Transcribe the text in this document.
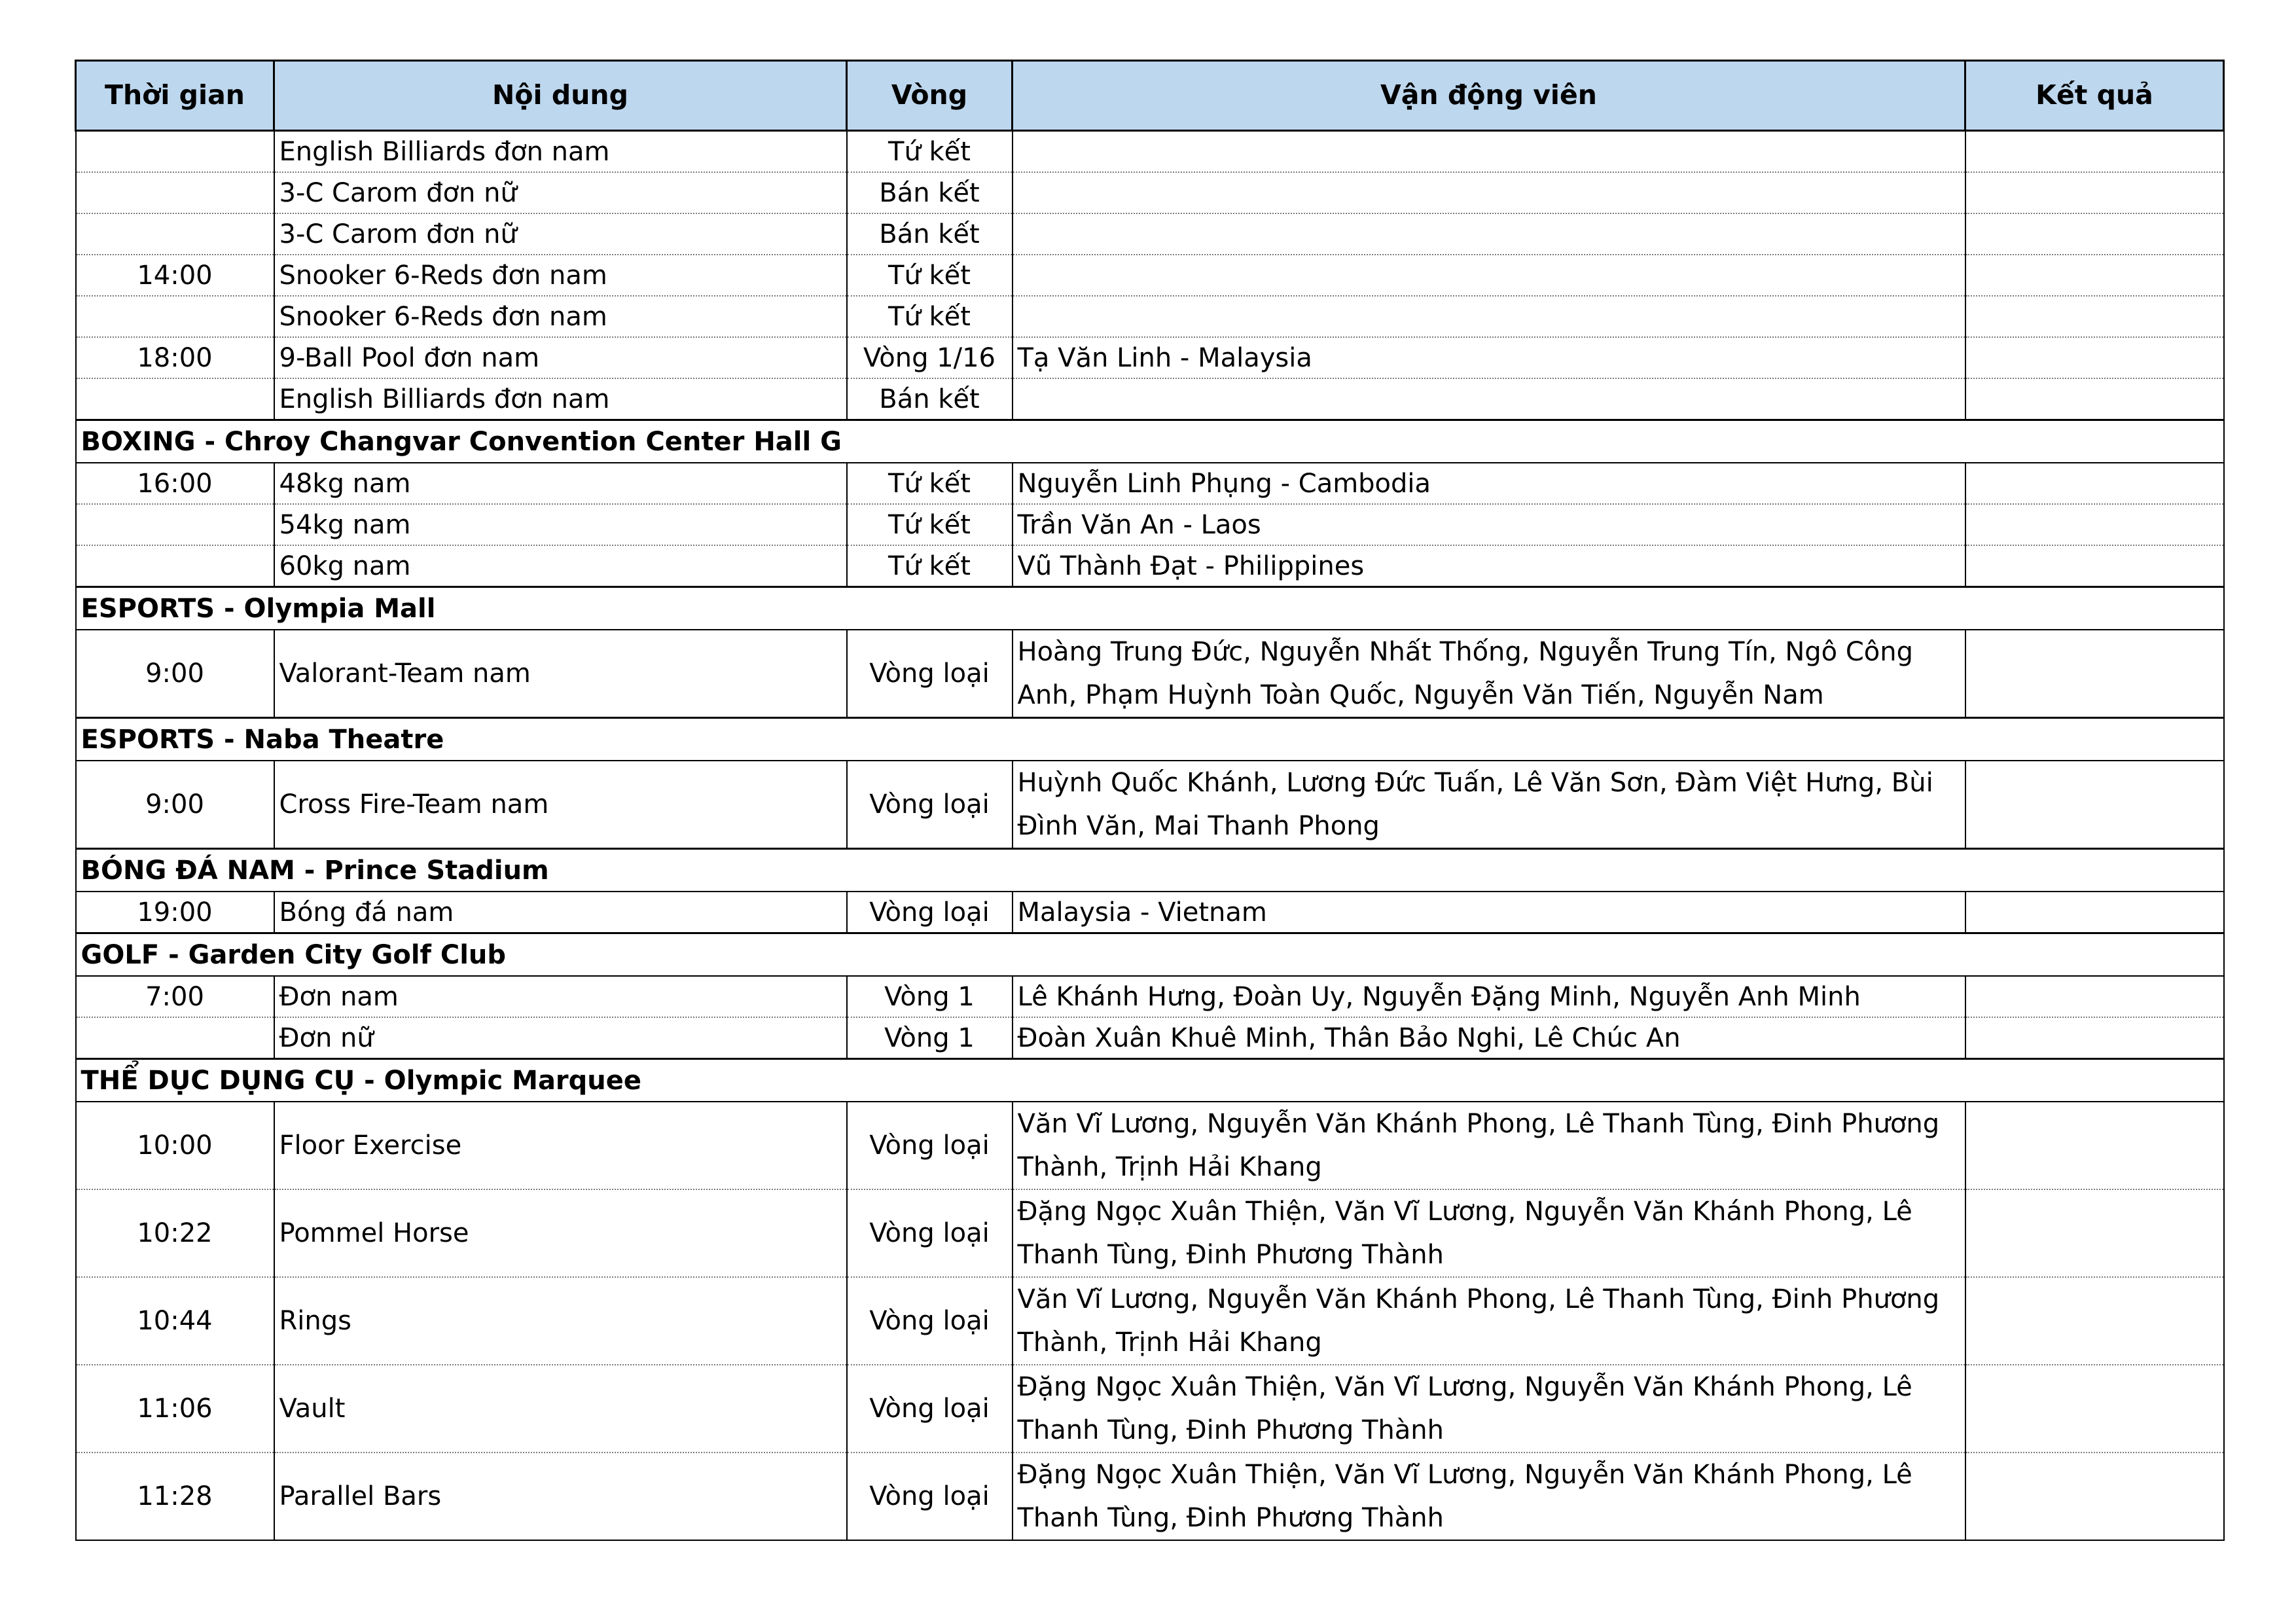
Thời gian	Nội dung	Vòng	Vận động viên	Kết quả
	English Billiards đơn nam	Tứ kết		
	3-C Carom đơn nữ	Bán kết		
	3-C Carom đơn nữ	Bán kết		
14:00	Snooker 6-Reds đơn nam	Tứ kết		
	Snooker 6-Reds đơn nam	Tứ kết		
18:00	9-Ball Pool đơn nam	Vòng 1/16	Tạ Văn Linh - Malaysia	
	English Billiards đơn nam	Bán kết		
BOXING - Chroy Changvar Convention Center Hall G				
16:00	48kg nam	Tứ kết	Nguyễn Linh Phụng - Cambodia	
	54kg nam	Tứ kết	Trần Văn An - Laos	
	60kg nam	Tứ kết	Vũ Thành Đạt - Philippines	
ESPORTS - Olympia Mall				
9:00	Valorant-Team nam	Vòng loại	Hoàng Trung Đức, Nguyễn Nhất Thống, Nguyễn Trung Tín, Ngô Công Anh, Phạm Huỳnh Toàn Quốc, Nguyễn Văn Tiến, Nguyễn Nam	
ESPORTS - Naba Theatre				
9:00	Cross Fire-Team nam	Vòng loại	Huỳnh Quốc Khánh, Lương Đức Tuấn, Lê Văn Sơn, Đàm Việt Hưng, Bùi Đình Văn, Mai Thanh Phong	
BÓNG ĐÁ NAM - Prince Stadium				
19:00	Bóng đá nam	Vòng loại	Malaysia - Vietnam	
GOLF - Garden City Golf Club				
7:00	Đơn nam	Vòng 1	Lê Khánh Hưng, Đoàn Uy, Nguyễn Đặng Minh, Nguyễn Anh Minh	
	Đơn nữ	Vòng 1	Đoàn Xuân Khuê Minh, Thân Bảo Nghi, Lê Chúc An	
THỂ DỤC DỤNG CỤ - Olympic Marquee				
10:00	Floor Exercise	Vòng loại	Văn Vĩ Lương, Nguyễn Văn Khánh Phong, Lê Thanh Tùng, Đinh Phương Thành, Trịnh Hải Khang	
10:22	Pommel Horse	Vòng loại	Đặng Ngọc Xuân Thiện, Văn Vĩ Lương, Nguyễn Văn Khánh Phong, Lê Thanh Tùng, Đinh Phương Thành	
10:44	Rings	Vòng loại	Văn Vĩ Lương, Nguyễn Văn Khánh Phong, Lê Thanh Tùng, Đinh Phương Thành, Trịnh Hải Khang	
11:06	Vault	Vòng loại	Đặng Ngọc Xuân Thiện, Văn Vĩ Lương, Nguyễn Văn Khánh Phong, Lê Thanh Tùng, Đinh Phương Thành	
11:28	Parallel Bars	Vòng loại	Đặng Ngọc Xuân Thiện, Văn Vĩ Lương, Nguyễn Văn Khánh Phong, Lê Thanh Tùng, Đinh Phương Thành	
